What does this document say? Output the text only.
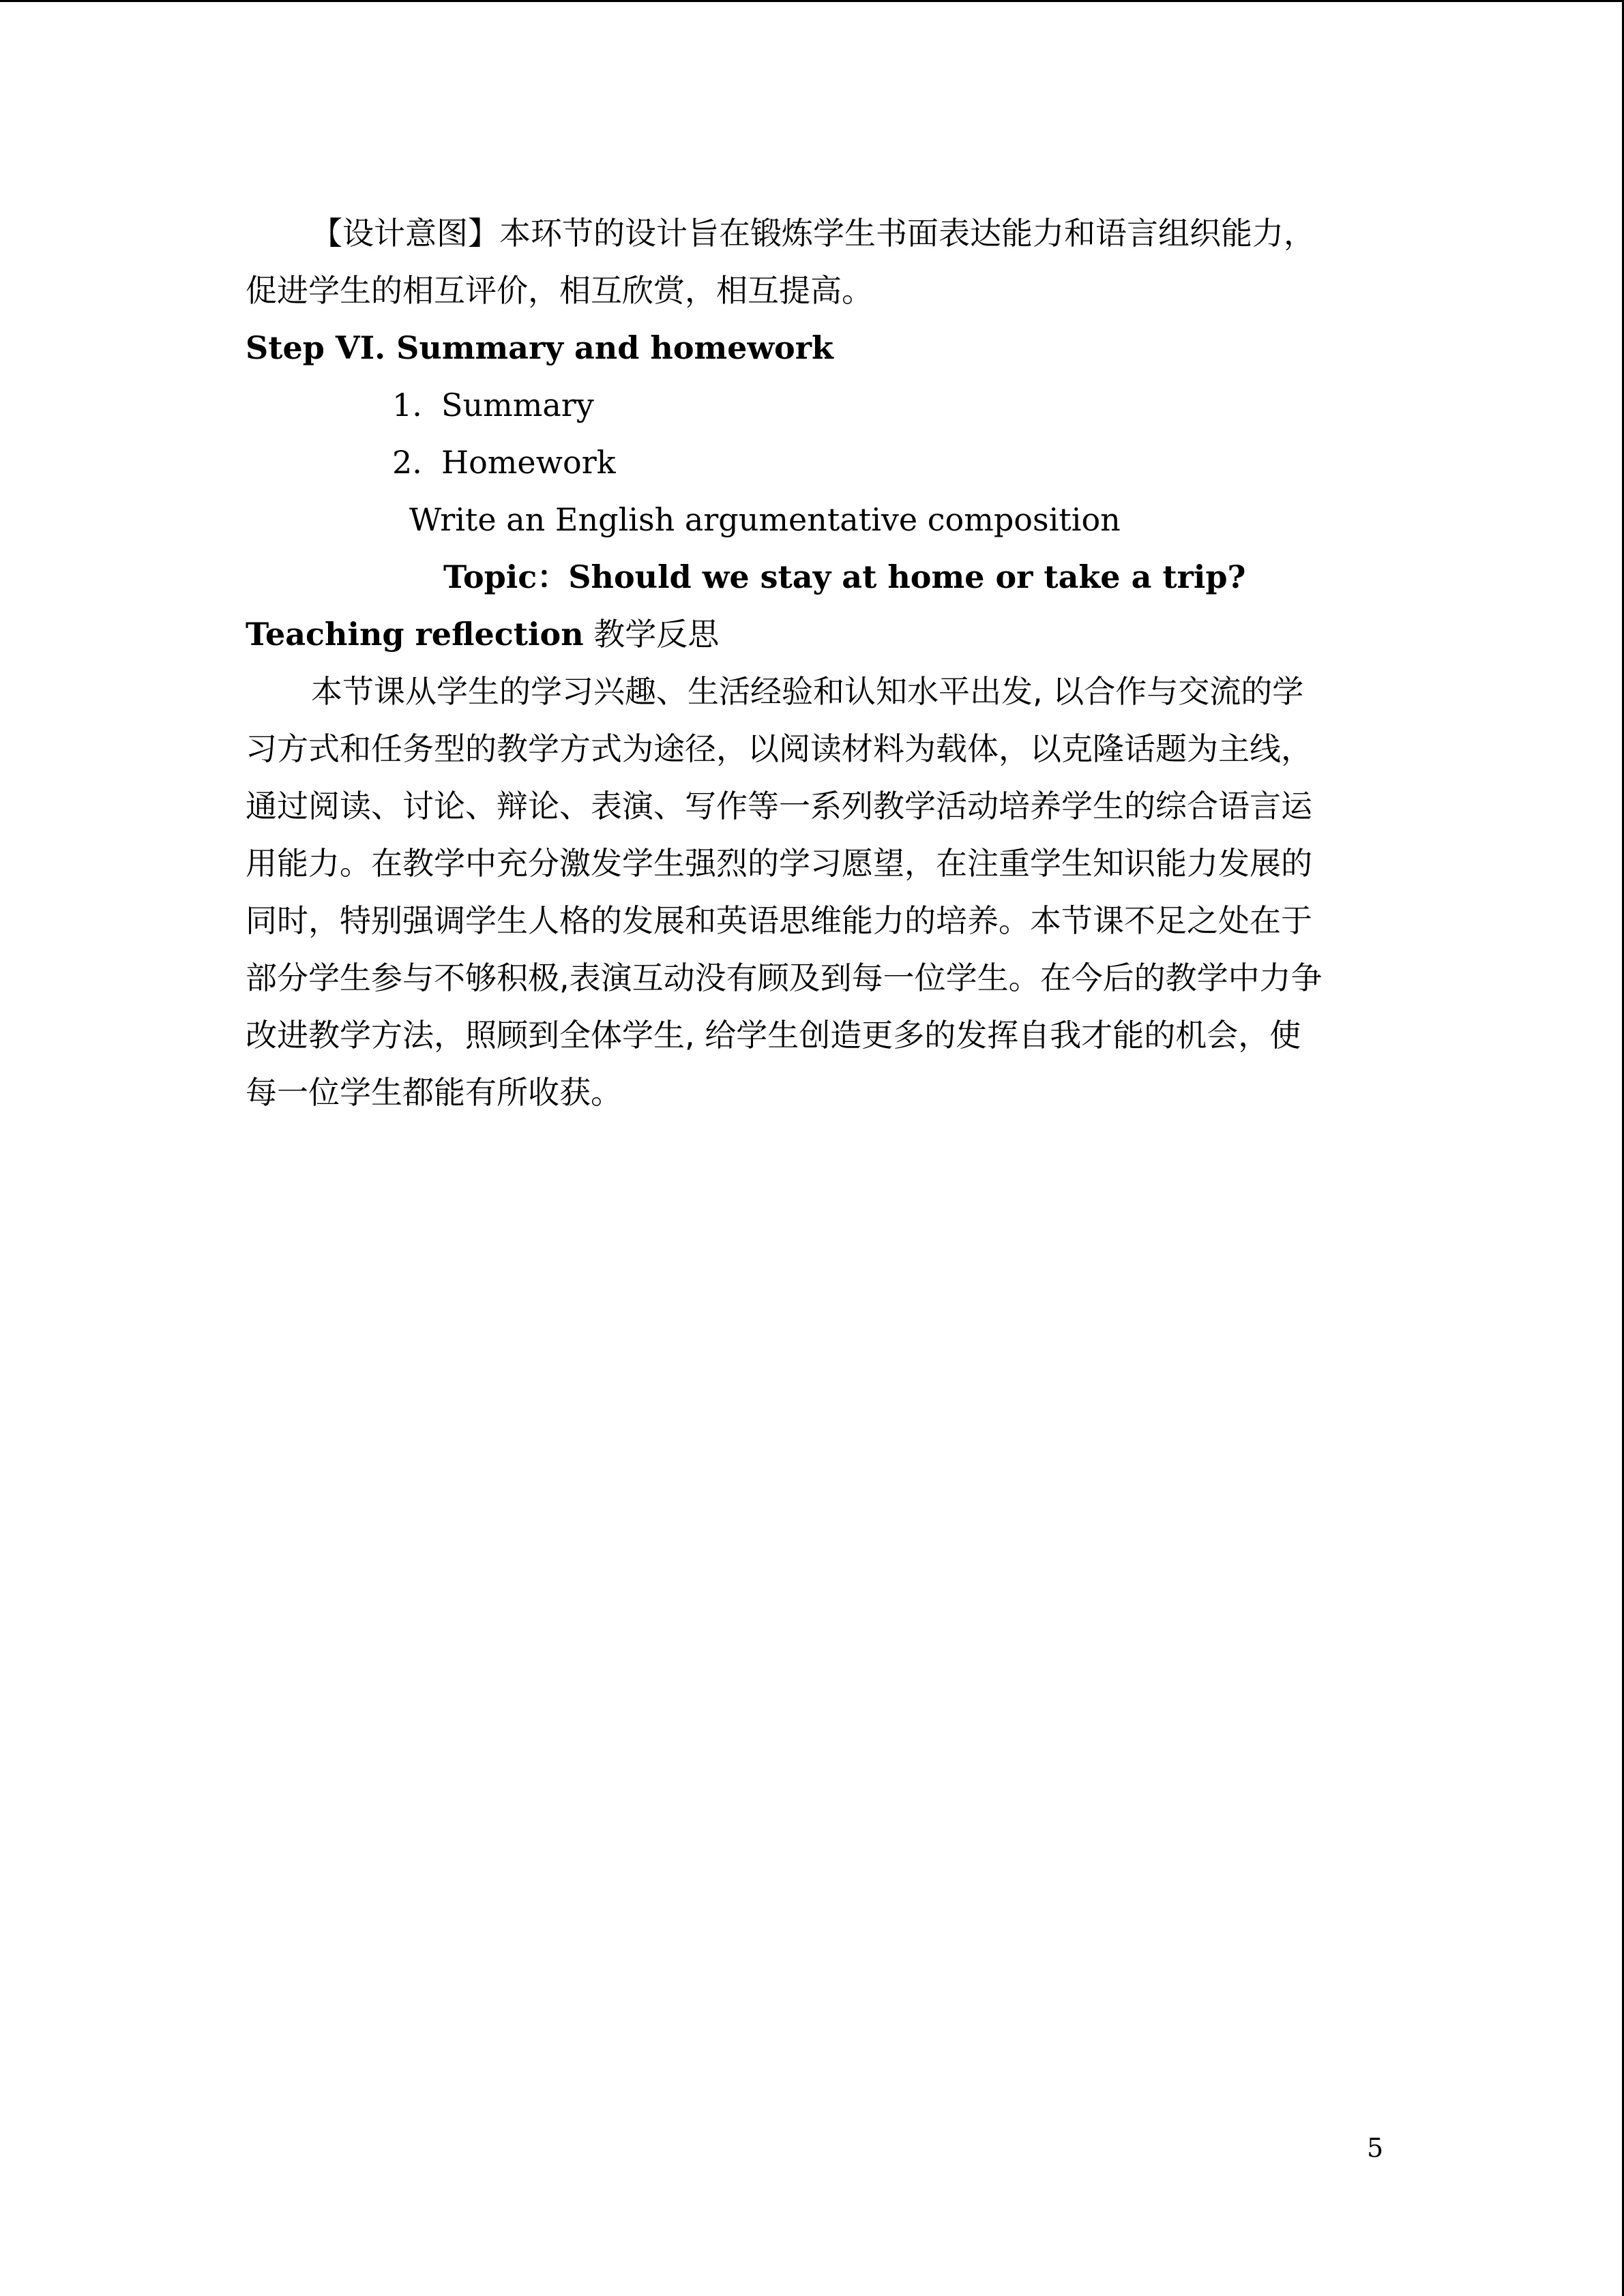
【设计意图】本环节的设计旨在锻炼学生书面表达能力和语言组织能力，
促进学生的相互评价，相互欣赏，相互提高。
Step VI. Summary and homework
1. Summary
2. Homework
Write an English argumentative composition
Topic：Should we stay at home or take a trip?
Teaching reflection 教学反思
本节课从学生的学习兴趣、生活经验和认知水平出发, 以合作与交流的学
习方式和任务型的教学方式为途径，以阅读材料为载体，以克隆话题为主线，
通过阅读、讨论、辩论、表演、写作等一系列教学活动培养学生的综合语言运
用能力。在教学中充分激发学生强烈的学习愿望，在注重学生知识能力发展的
同时，特别强调学生人格的发展和英语思维能力的培养。本节课不足之处在于
部分学生参与不够积极,表演互动没有顾及到每一位学生。在今后的教学中力争
改进教学方法，照顾到全体学生, 给学生创造更多的发挥自我才能的机会，使
每一位学生都能有所收获。
5
